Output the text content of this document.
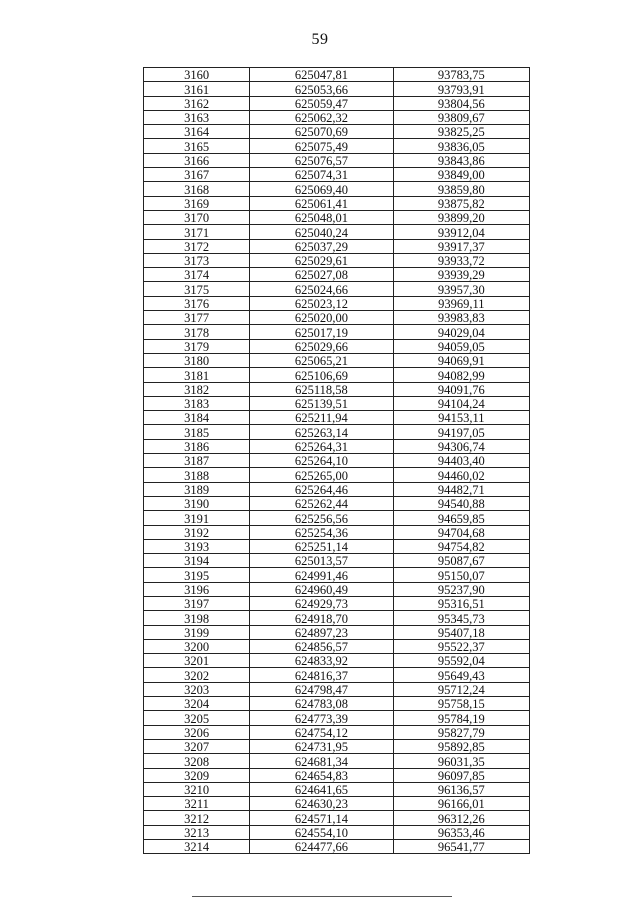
59
3160	625047,81	93783,75
3161	625053,66	93793,91
3162	625059,47	93804,56
3163	625062,32	93809,67
3164	625070,69	93825,25
3165	625075,49	93836,05
3166	625076,57	93843,86
3167	625074,31	93849,00
3168	625069,40	93859,80
3169	625061,41	93875,82
3170	625048,01	93899,20
3171	625040,24	93912,04
3172	625037,29	93917,37
3173	625029,61	93933,72
3174	625027,08	93939,29
3175	625024,66	93957,30
3176	625023,12	93969,11
3177	625020,00	93983,83
3178	625017,19	94029,04
3179	625029,66	94059,05
3180	625065,21	94069,91
3181	625106,69	94082,99
3182	625118,58	94091,76
3183	625139,51	94104,24
3184	625211,94	94153,11
3185	625263,14	94197,05
3186	625264,31	94306,74
3187	625264,10	94403,40
3188	625265,00	94460,02
3189	625264,46	94482,71
3190	625262,44	94540,88
3191	625256,56	94659,85
3192	625254,36	94704,68
3193	625251,14	94754,82
3194	625013,57	95087,67
3195	624991,46	95150,07
3196	624960,49	95237,90
3197	624929,73	95316,51
3198	624918,70	95345,73
3199	624897,23	95407,18
3200	624856,57	95522,37
3201	624833,92	95592,04
3202	624816,37	95649,43
3203	624798,47	95712,24
3204	624783,08	95758,15
3205	624773,39	95784,19
3206	624754,12	95827,79
3207	624731,95	95892,85
3208	624681,34	96031,35
3209	624654,83	96097,85
3210	624641,65	96136,57
3211	624630,23	96166,01
3212	624571,14	96312,26
3213	624554,10	96353,46
3214	624477,66	96541,77
